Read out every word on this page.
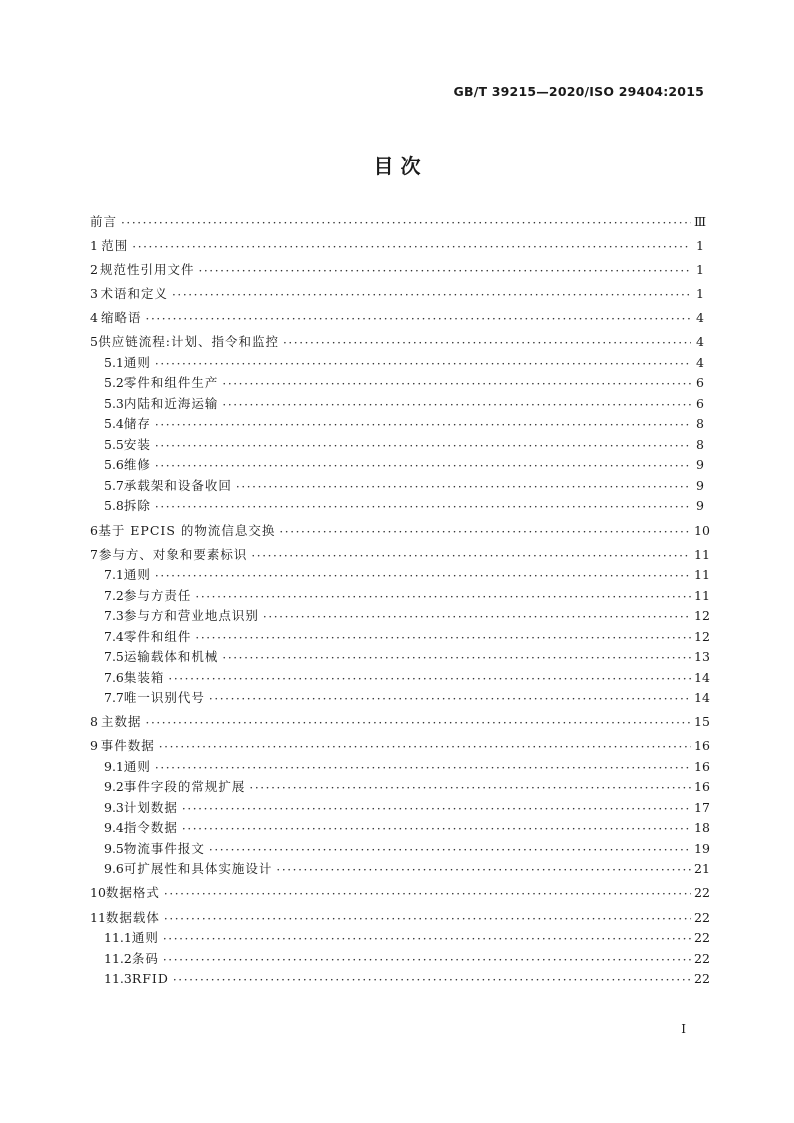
GB/T 39215—2020/ISO 29404:2015
目 次
前言 ·····	Ⅲ
1 范围 ·····	1
2 规范性引用文件 ·····	1
3 术语和定义 ·····	1
4 缩略语 ·····	4
5 供应链流程:计划、指令和监控 ·····	4
5.1 通则 ·····	4
5.2 零件和组件生产 ·····	6
5.3 内陆和近海运输 ·····	6
5.4 储存 ·····	8
5.5 安装 ·····	8
5.6 维修 ·····	9
5.7 承载架和设备收回 ·····	9
5.8 拆除 ·····	9
6 基于 EPCIS 的物流信息交换 ·····	10
7 参与方、对象和要素标识 ·····	11
7.1 通则 ·····	11
7.2 参与方责任 ·····	11
7.3 参与方和营业地点识别 ·····	12
7.4 零件和组件 ·····	12
7.5 运输载体和机械 ·····	13
7.6 集装箱 ·····	14
7.7 唯一识别代号 ·····	14
8 主数据 ·····	15
9 事件数据 ·····	16
9.1 通则 ·····	16
9.2 事件字段的常规扩展 ·····	16
9.3 计划数据 ·····	17
9.4 指令数据 ·····	18
9.5 物流事件报文 ·····	19
9.6 可扩展性和具体实施设计 ·····	21
10 数据格式 ·····	22
11 数据载体 ·····	22
11.1 通则 ·····	22
11.2 条码 ·····	22
11.3 RFID ·····	22
I
